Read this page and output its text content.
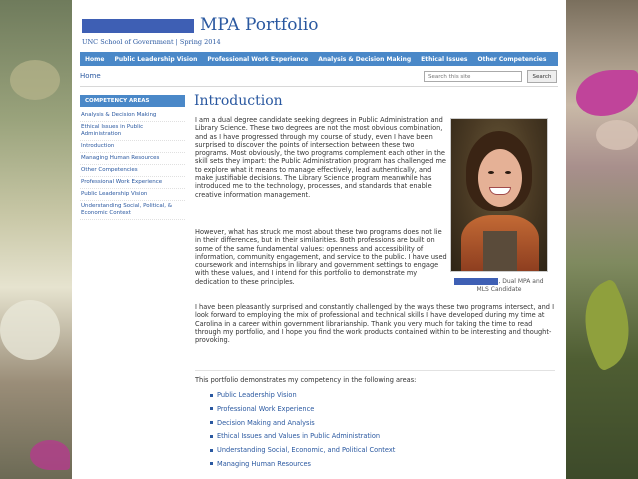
MPA Portfolio
UNC School of Government | Spring 2014
Home	Public Leadership Vision	Professional Work Experience	Analysis & Decision Making	Ethical Issues	Other Competencies
Home
Search this site	Search
COMPETENCY AREAS
Analysis & Decision Making
Ethical Issues in Public Administration
Introduction
Managing Human Resources
Other Competencies
Professional Work Experience
Public Leadership Vision
Understanding Social, Political, & Economic Context
Introduction

I am a dual degree candidate seeking degrees in Public Administration and Library Science. These two degrees are not the most obvious combination, and as I have progressed through my course of study, even I have been surprised to discover the points of intersection between these two programs. Most obviously, the two programs complement each other in the skill sets they impart: the Public Administration program has challenged me to explore what it means to manage effectively, lead authentically, and make justifiable decisions. The Library Science program meanwhile has introduced me to the technology, processes, and standards that enable creative information management.

However, what has struck me most about these two programs does not lie in their differences, but in their similarities. Both professions are built on some of the same fundamental values: openness and accessibility of information, community engagement, and service to the public. I have used coursework and internships in library and government settings to engage with these values, and I intend for this portfolio to demonstrate my dedication to these principles.

I have been pleasantly surprised and constantly challenged by the ways these two programs intersect, and I look forward to employing the mix of professional and technical skills I have developed during my time at Carolina in a career within government librarianship. Thank you very much for taking the time to read through my portfolio, and I hope you find the work products contained within to be interesting and thought-provoking.

, Dual MPA and
MLS Candidate
This portfolio demonstrates my competency in the following areas:
Public Leadership Vision
Professional Work Experience
Decision Making and Analysis
Ethical Issues and Values in Public Administration
Understanding Social, Economic, and Political Context
Managing Human Resources
